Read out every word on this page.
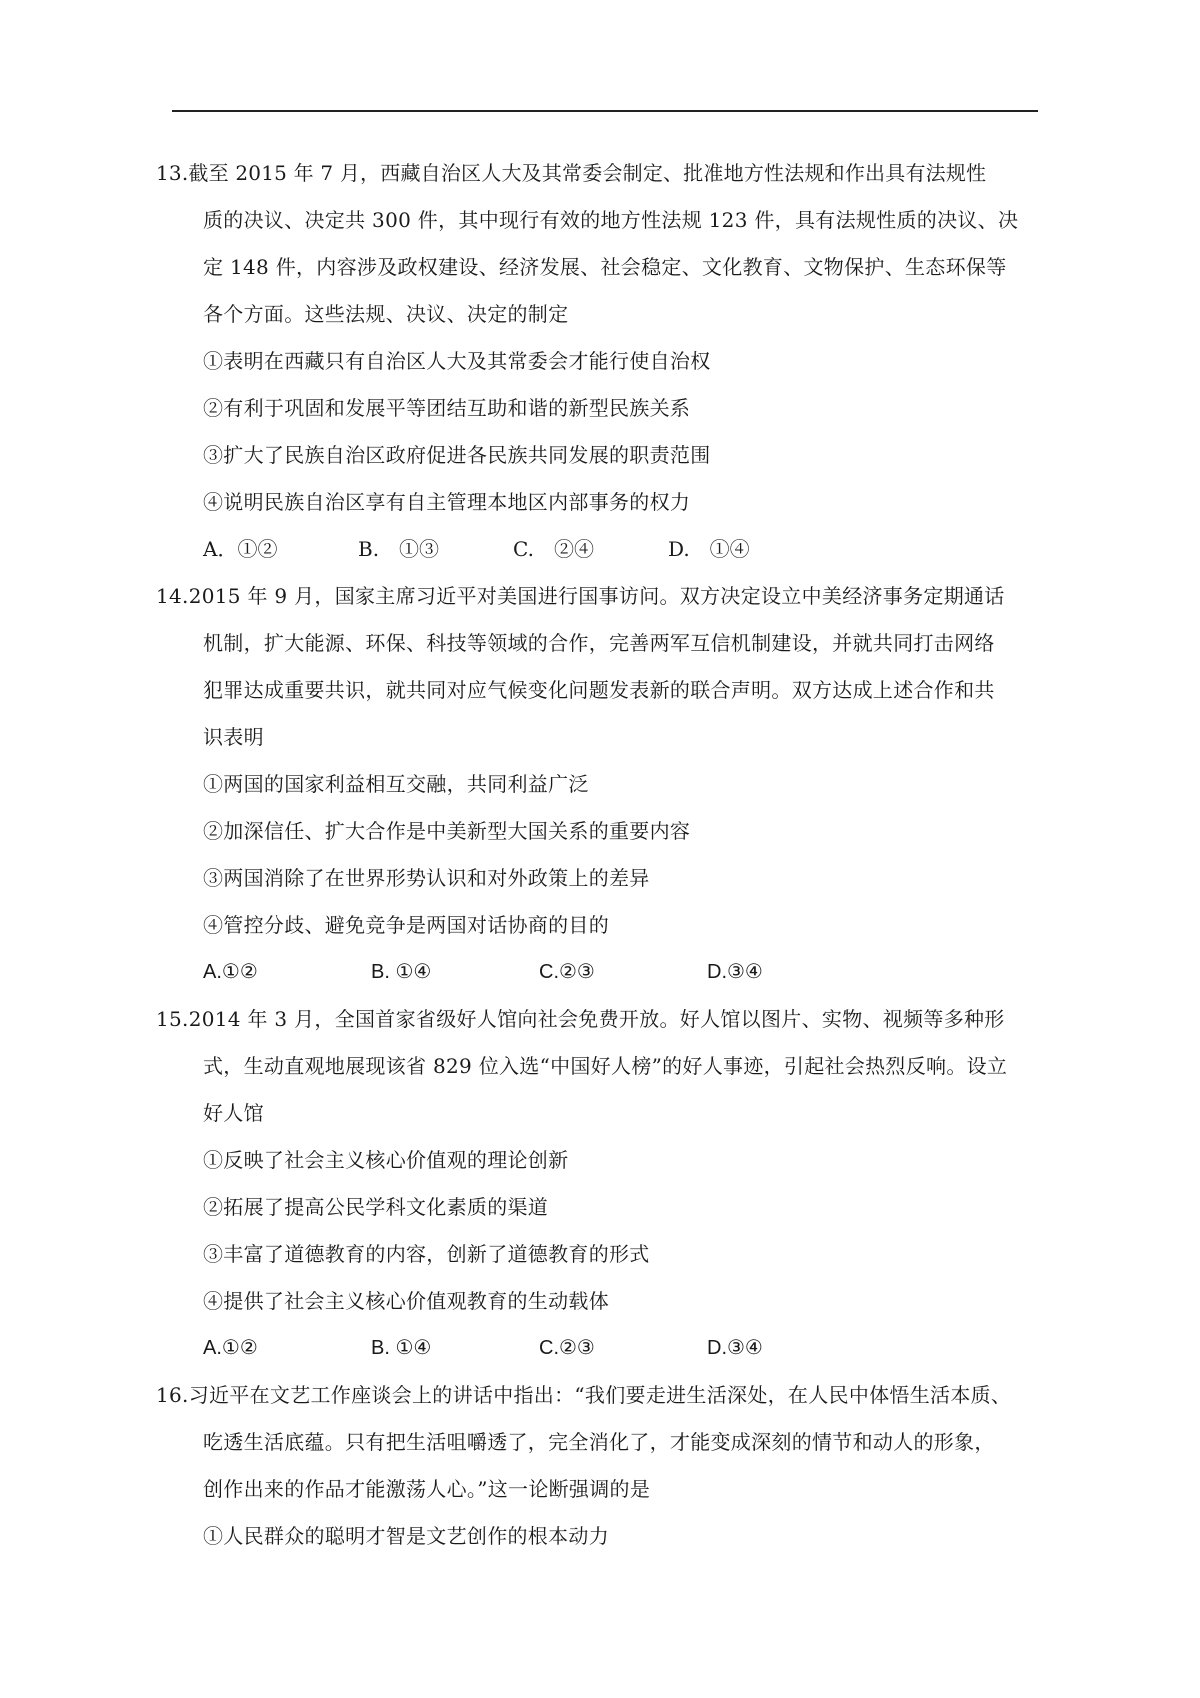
13.截至 2015 年 7 月，西藏自治区人大及其常委会制定、批准地方性法规和作出具有法规性
质的决议、决定共 300 件，其中现行有效的地方性法规 123 件，具有法规性质的决议、决
定 148 件，内容涉及政权建设、经济发展、社会稳定、文化教育、文物保护、生态环保等
各个方面。这些法规、决议、决定的制定
①表明在西藏只有自治区人大及其常委会才能行使自治权
②有利于巩固和发展平等团结互助和谐的新型民族关系
③扩大了民族自治区政府促进各民族共同发展的职责范围
④说明民族自治区享有自主管理本地区内部事务的权力
A．①②	B.　①③	C.　②④	D.　①④
14.2015 年 9 月，国家主席习近平对美国进行国事访问。双方决定设立中美经济事务定期通话
机制，扩大能源、环保、科技等领域的合作，完善两军互信机制建设，并就共同打击网络
犯罪达成重要共识，就共同对应气候变化问题发表新的联合声明。双方达成上述合作和共
识表明
①两国的国家利益相互交融，共同利益广泛
②加深信任、扩大合作是中美新型大国关系的重要内容
③两国消除了在世界形势认识和对外政策上的差异
④管控分歧、避免竞争是两国对话协商的目的
A.①②	B. ①④	C.②③	D.③④
15.2014 年 3 月，全国首家省级好人馆向社会免费开放。好人馆以图片、实物、视频等多种形
式，生动直观地展现该省 829 位入选“中国好人榜”的好人事迹，引起社会热烈反响。设立
好人馆
①反映了社会主义核心价值观的理论创新
②拓展了提高公民学科文化素质的渠道
③丰富了道德教育的内容，创新了道德教育的形式
④提供了社会主义核心价值观教育的生动载体
A.①②	B. ①④	C.②③	D.③④
16.习近平在文艺工作座谈会上的讲话中指出：“我们要走进生活深处，在人民中体悟生活本质、
吃透生活底蕴。只有把生活咀嚼透了，完全消化了，才能变成深刻的情节和动人的形象，
创作出来的作品才能激荡人心。”这一论断强调的是
①人民群众的聪明才智是文艺创作的根本动力
